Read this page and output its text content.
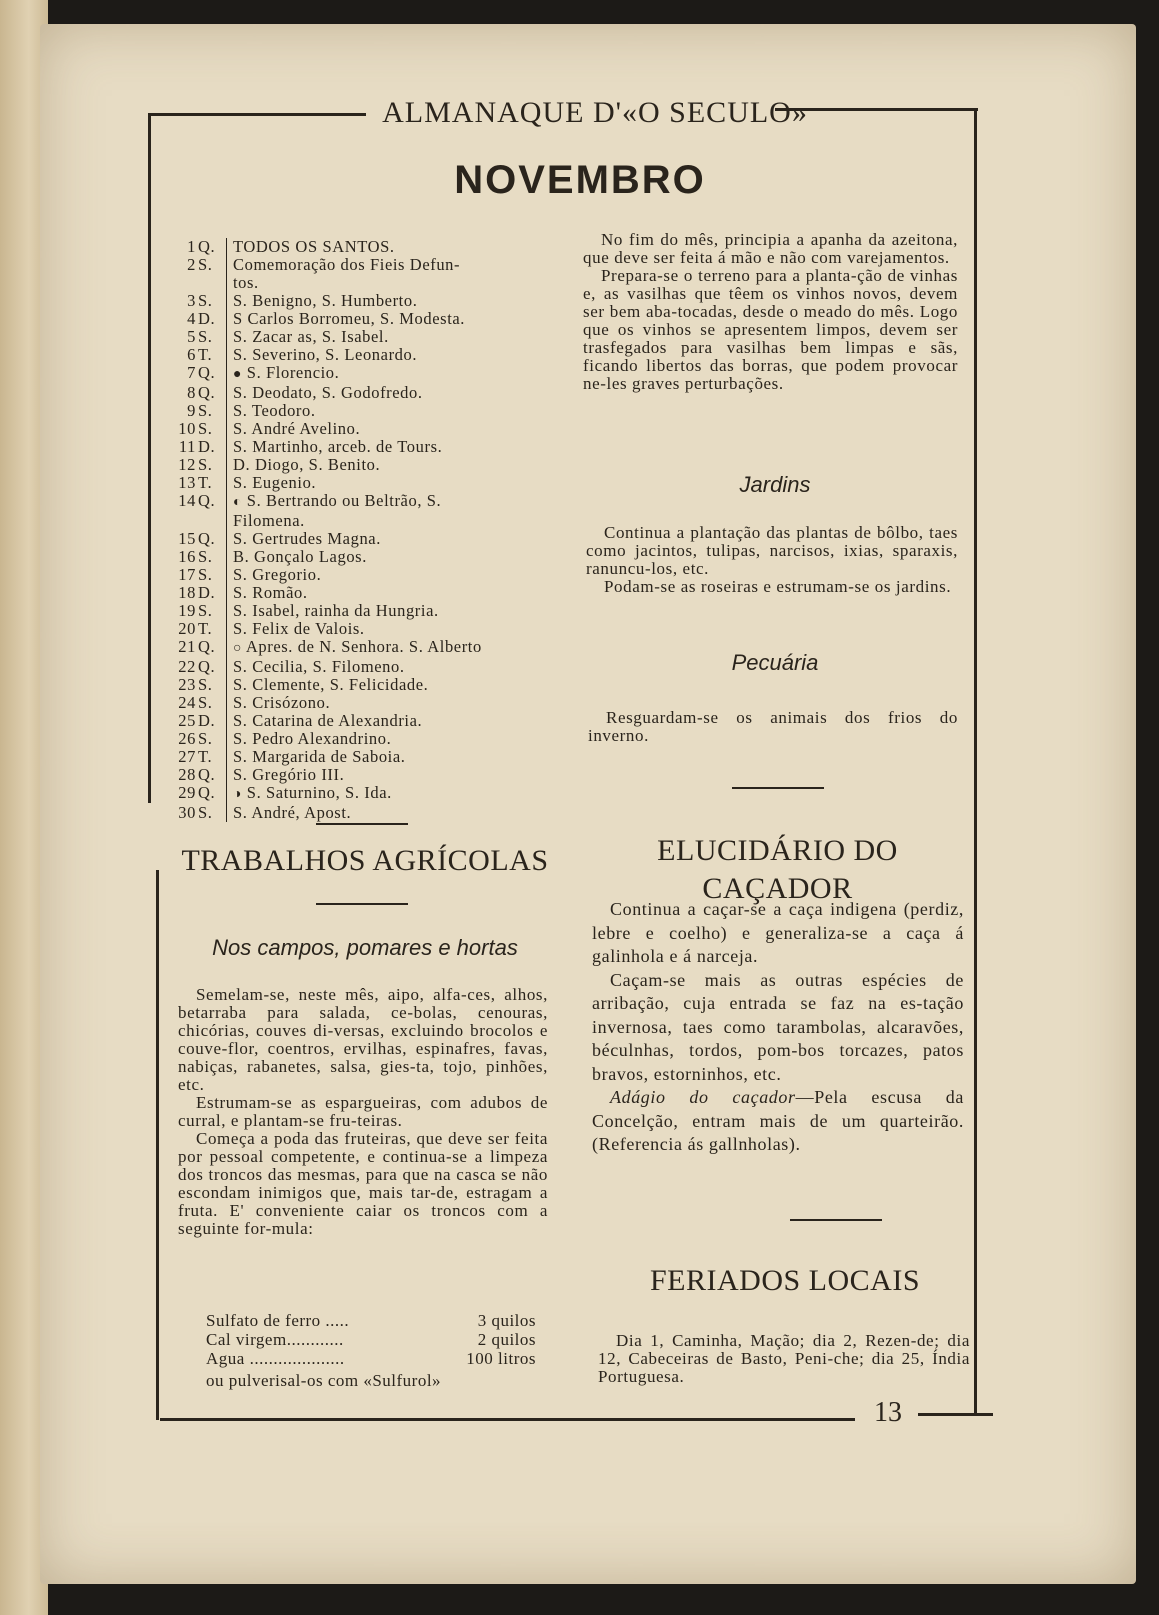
ALMANAQUE D'«O SECULO»
NOVEMBRO
1 Q.	TODOS OS SANTOS.
2 S.	Comemoração dos Fieis Defun-
tos.
3 S.	S. Benigno, S. Humberto.
4 D.	S Carlos Borromeu, S. Modesta.
5 S.	S. Zacar as, S. Isabel.
6 T.	S. Severino, S. Leonardo.
7 Q.	● S. Florencio.
8 Q.	S. Deodato, S. Godofredo.
9 S.	S. Teodoro.
10 S.	S. André Avelino.
11 D.	S. Martinho, arceb. de Tours.
12 S.	D. Diogo, S. Benito.
13 T.	S. Eugenio.
14 Q.	◐ S. Bertrando ou Beltrão, S.
Filomena.
15 Q.	S. Gertrudes Magna.
16 S.	B. Gonçalo Lagos.
17 S.	S. Gregorio.
18 D.	S. Romão.
19 S.	S. Isabel, rainha da Hungria.
20 T.	S. Felix de Valois.
21 Q.	○ Apres. de N. Senhora. S. Alberto
22 Q.	S. Cecilia, S. Filomeno.
23 S.	S. Clemente, S. Felicidade.
24 S.	S. Crisózono.
25 D.	S. Catarina de Alexandria.
26 S.	S. Pedro Alexandrino.
27 T.	S. Margarida de Saboia.
28 Q.	S. Gregório III.
29 Q.	◑ S. Saturnino, S. Ida.
30 S.	S. André, Apost.

No fim do mês, principia a apanha da azeitona, que deve ser feita á mão e não com varejamentos.

Prepara-se o terreno para a planta-ção de vinhas e, as vasilhas que têem os vinhos novos, devem ser bem aba-tocadas, desde o meado do mês. Logo que os vinhos se apresentem limpos, devem ser trasfegados para vasilhas bem limpas e sãs, ficando libertos das borras, que podem provocar ne-les graves perturbações.

Jardins

Continua a plantação das plantas de bôlbo, taes como jacintos, tulipas, narcisos, ixias, sparaxis, ranuncu-los, etc.

Podam-se as roseiras e estrumam-se os jardins.

Pecuária

Resguardam-se os animais dos frios do inverno.

TRABALHOS AGRÍCOLAS
Nos campos, pomares e hortas

Semelam-se, neste mês, aipo, alfa-ces, alhos, betarraba para salada, ce-bolas, cenouras, chicórias, couves di-versas, excluindo brocolos e couve-flor, coentros, ervilhas, espinafres, favas, nabiças, rabanetes, salsa, gies-ta, tojo, pinhões, etc.

Estrumam-se as espargueiras, com adubos de curral, e plantam-se fru-teiras.

Começa a poda das fruteiras, que deve ser feita por pessoal competente, e continua-se a limpeza dos troncos das mesmas, para que na casca se não escondam inimigos que, mais tar-de, estragam a fruta. E' conveniente caiar os troncos com a seguinte for-mula:

Sulfato de ferro .....	3 quilos
Cal virgem............	2 quilos
Agua ....................	100 litros
ou pulverisal-os com «Sulfurol»
ELUCIDÁRIO DO CAÇADOR

Continua a caçar-se a caça indigena (perdiz, lebre e coelho) e generaliza-se a caça á galinhola e á narceja.

Caçam-se mais as outras espécies de arribação, cuja entrada se faz na es-tação invernosa, taes como tarambolas, alcaravões, béculnhas, tordos, pom-bos torcazes, patos bravos, estorninhos, etc.

Adágio do caçador—Pela escusa da Concelção, entram mais de um quarteirão. (Referencia ás gallnholas).

FERIADOS LOCAIS

Dia 1, Caminha, Mação; dia 2, Rezen-de; dia 12, Cabeceiras de Basto, Peni-che; dia 25, Índia Portuguesa.

13
